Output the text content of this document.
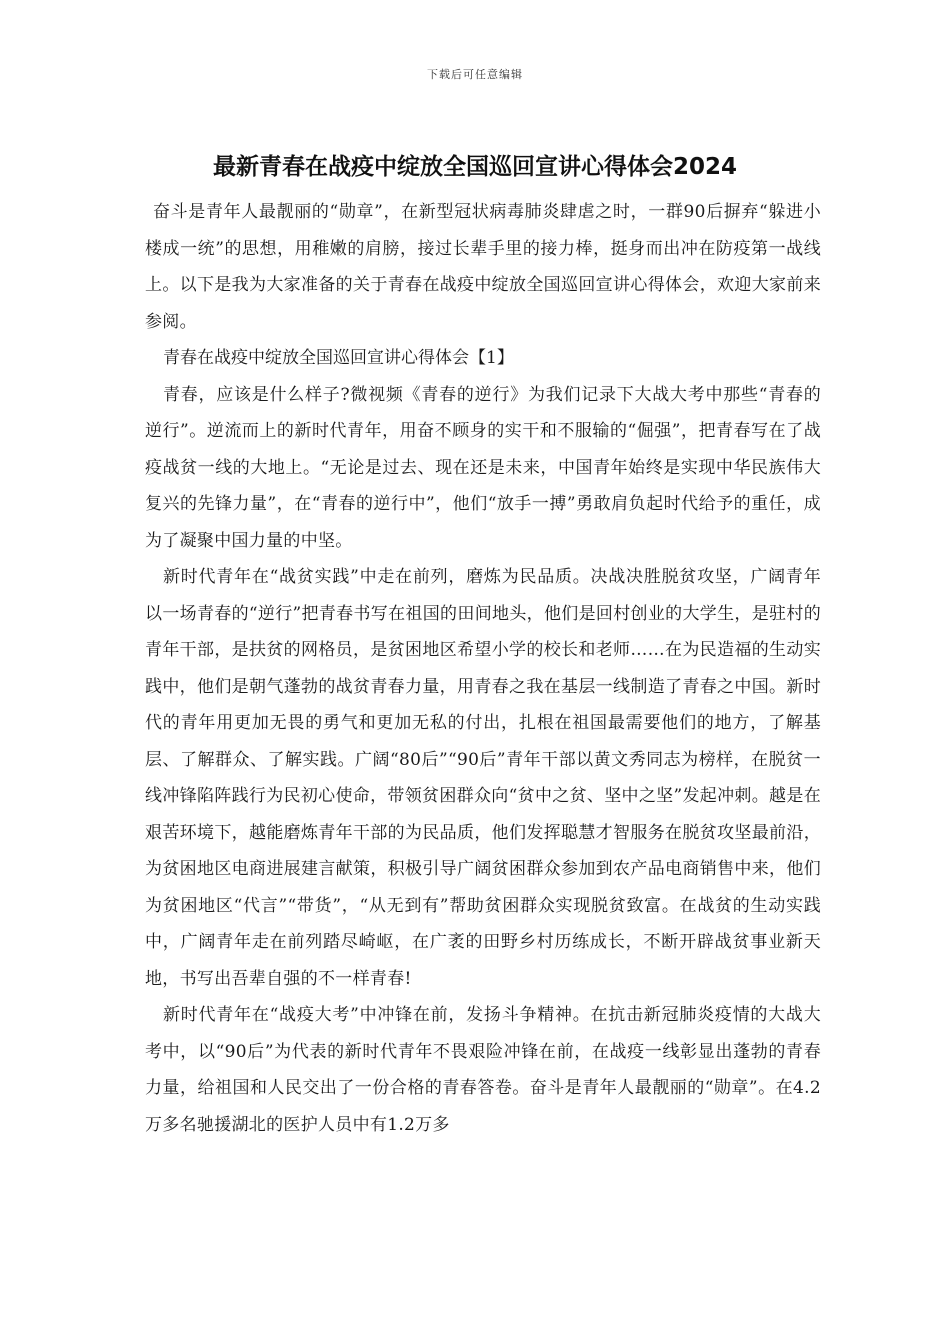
下载后可任意编辑
最新青春在战疫中绽放全国巡回宣讲心得体会2024

奋斗是青年人最靓丽的“勋章”，在新型冠状病毒肺炎肆虐之时，一群90后摒弃“躲进小楼成一统”的思想，用稚嫩的肩膀，接过长辈手里的接力棒，挺身而出冲在防疫第一战线上。以下是我为大家准备的关于青春在战疫中绽放全国巡回宣讲心得体会，欢迎大家前来参阅。

青春在战疫中绽放全国巡回宣讲心得体会【1】

青春，应该是什么样子?微视频《青春的逆行》为我们记录下大战大考中那些“青春的逆行”。逆流而上的新时代青年，用奋不顾身的实干和不服输的“倔强”，把青春写在了战疫战贫一线的大地上。“无论是过去、现在还是未来，中国青年始终是实现中华民族伟大复兴的先锋力量”，在“青春的逆行中”，他们“放手一搏”勇敢肩负起时代给予的重任，成为了凝聚中国力量的中坚。

新时代青年在“战贫实践”中走在前列，磨炼为民品质。决战决胜脱贫攻坚，广阔青年以一场青春的“逆行”把青春书写在祖国的田间地头，他们是回村创业的大学生，是驻村的青年干部，是扶贫的网格员，是贫困地区希望小学的校长和老师……在为民造福的生动实践中，他们是朝气蓬勃的战贫青春力量，用青春之我在基层一线制造了青春之中国。新时代的青年用更加无畏的勇气和更加无私的付出，扎根在祖国最需要他们的地方，了解基层、了解群众、了解实践。广阔“80后”“90后”青年干部以黄文秀同志为榜样，在脱贫一线冲锋陷阵践行为民初心使命，带领贫困群众向“贫中之贫、坚中之坚”发起冲刺。越是在艰苦环境下，越能磨炼青年干部的为民品质，他们发挥聪慧才智服务在脱贫攻坚最前沿，为贫困地区电商进展建言献策，积极引导广阔贫困群众参加到农产品电商销售中来，他们为贫困地区“代言”“带货”，“从无到有”帮助贫困群众实现脱贫致富。在战贫的生动实践中，广阔青年走在前列踏尽崎岖，在广袤的田野乡村历练成长，不断开辟战贫事业新天地，书写出吾辈自强的不一样青春!

新时代青年在“战疫大考”中冲锋在前，发扬斗争精神。在抗击新冠肺炎疫情的大战大考中，以“90后”为代表的新时代青年不畏艰险冲锋在前，在战疫一线彰显出蓬勃的青春力量，给祖国和人民交出了一份合格的青春答卷。奋斗是青年人最靓丽的“勋章”。在4.2万多名驰援湖北的医护人员中有1.2万多
